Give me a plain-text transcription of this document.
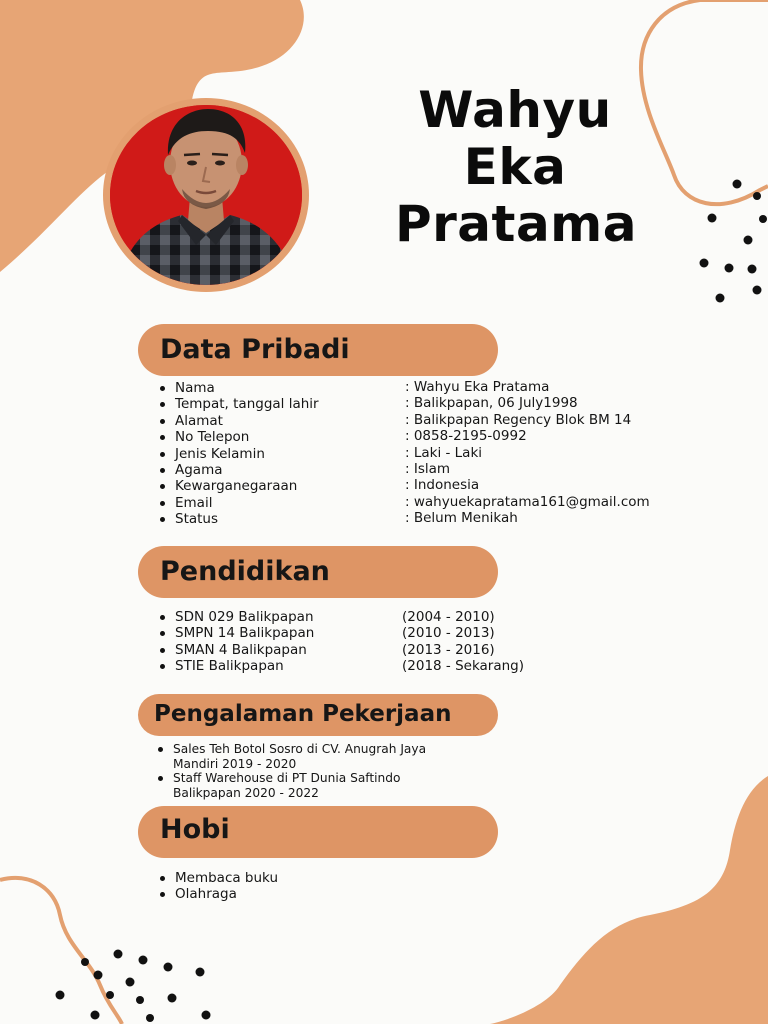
Wahyu
Eka
Pratama
Data Pribadi
Nama
Tempat, tanggal lahir
Alamat
No Telepon
Jenis Kelamin
Agama
Kewarganegaraan
Email
Status
: Wahyu Eka Pratama
: Balikpapan, 06 July1998
: Balikpapan Regency Blok BM 14
: 0858-2195-0992
: Laki - Laki
: Islam
: Indonesia
: wahyuekapratama161@gmail.com
: Belum Menikah
Pendidikan
SDN 029 Balikpapan
SMPN 14 Balikpapan
SMAN 4 Balikpapan
STIE Balikpapan
(2004 - 2010)
(2010 - 2013)
(2013 - 2016)
(2018 - Sekarang)
Pengalaman Pekerjaan
Sales Teh Botol Sosro di CV. Anugrah Jaya
Mandiri 2019 - 2020
Staff Warehouse di PT Dunia Saftindo
Balikpapan 2020 - 2022
Hobi
Membaca buku
Olahraga
